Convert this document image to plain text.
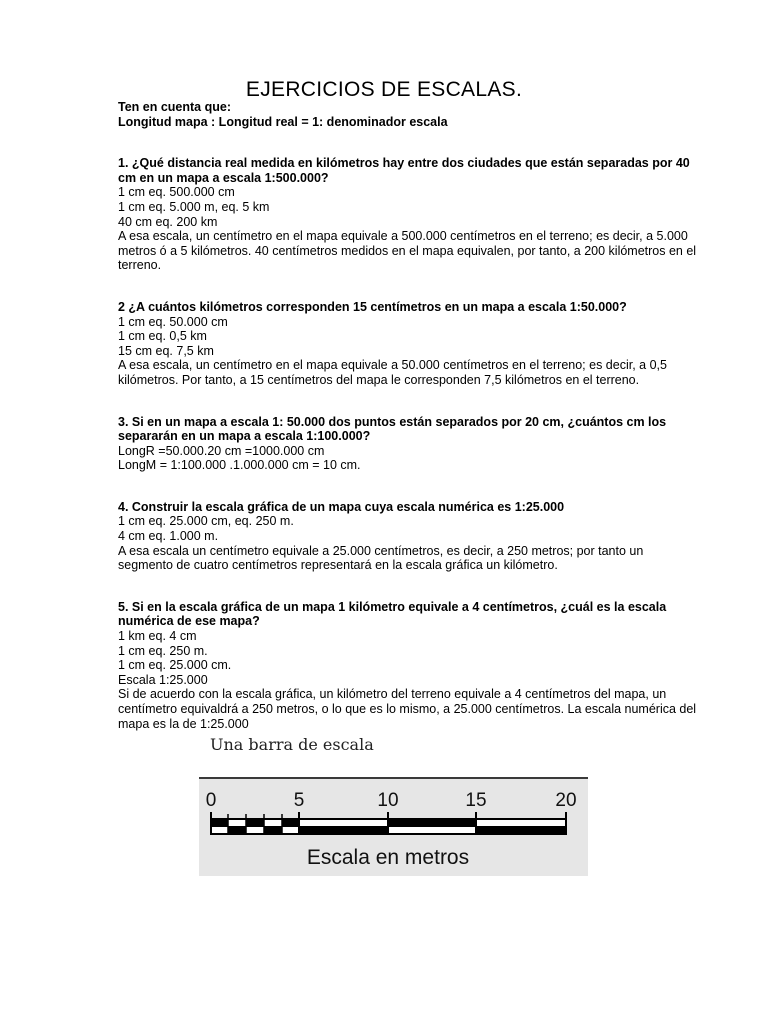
EJERCICIOS DE ESCALAS.
Ten en cuenta que:
Longitud mapa : Longitud real = 1: denominador escala
1. ¿Qué distancia real medida en kilómetros hay entre dos ciudades que están separadas por 40
cm en un mapa a escala 1:500.000?
1 cm eq. 500.000 cm
1 cm eq. 5.000 m, eq. 5 km
40 cm eq. 200 km
A esa escala, un centímetro en el mapa equivale a 500.000 centímetros en el terreno; es decir, a 5.000
metros ó a 5 kilómetros. 40 centímetros medidos en el mapa equivalen, por tanto, a 200 kilómetros en el
terreno.
2 ¿A cuántos kilómetros corresponden 15 centímetros en un mapa a escala 1:50.000?
1 cm eq. 50.000 cm
1 cm eq. 0,5 km
15 cm eq. 7,5 km
A esa escala, un centímetro en el mapa equivale a 50.000 centímetros en el terreno; es decir, a 0,5
kilómetros. Por tanto, a 15 centímetros del mapa le corresponden 7,5 kilómetros en el terreno.
3. Si en un mapa a escala 1: 50.000 dos puntos están separados por 20 cm, ¿cuántos cm los
separarán en un mapa a escala 1:100.000?
LongR =50.000.20 cm =1000.000 cm
LongM = 1:100.000 .1.000.000 cm = 10 cm.
4. Construir la escala gráfica de un mapa cuya escala numérica es 1:25.000
1 cm eq. 25.000 cm, eq. 250 m.
4 cm eq. 1.000 m.
A esa escala un centímetro equivale a 25.000 centímetros, es decir, a 250 metros; por tanto un
segmento de cuatro centímetros representará en la escala gráfica un kilómetro.
5. Si en la escala gráfica de un mapa 1 kilómetro equivale a 4 centímetros, ¿cuál es la escala
numérica de ese mapa?
1 km eq. 4 cm
1 cm eq. 250 m.
1 cm eq. 25.000 cm.
Escala 1:25.000
Si de acuerdo con la escala gráfica, un kilómetro del terreno equivale a 4 centímetros del mapa, un
centímetro equivaldrá a 250 metros, o lo que es lo mismo, a 25.000 centímetros. La escala numérica del
mapa es la de 1:25.000
Una barra de escala
0	5	10	15	20
Escala en metros
